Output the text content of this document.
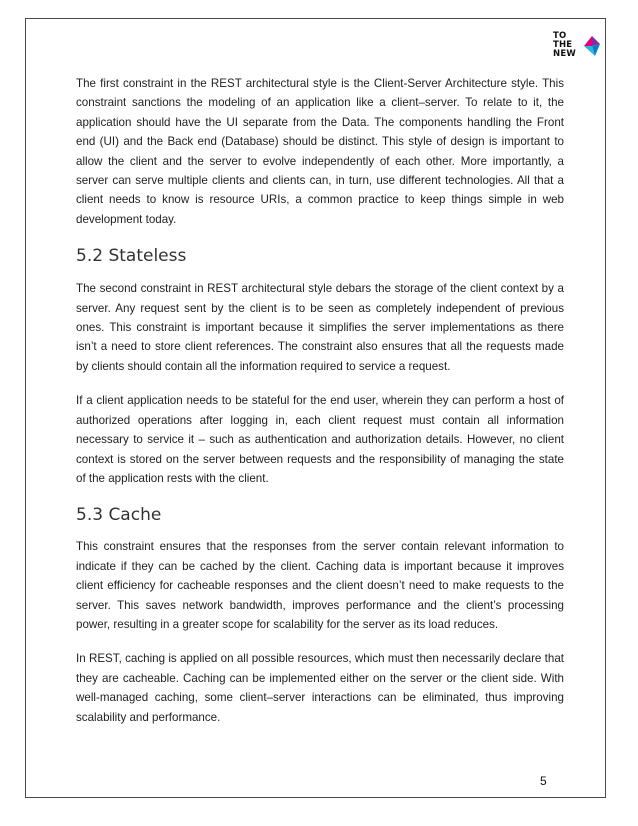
TO
THE
NEW

The first constraint in the REST architectural style is the Client-Server Architecture style. This constraint sanctions the modeling of an application like a client–server. To relate to it, the application should have the UI separate from the Data. The components handling the Front end (UI) and the Back end (Database) should be distinct. This style of design is important to allow the client and the server to evolve independently of each other. More importantly, a server can serve multiple clients and clients can, in turn, use different technologies. All that a client needs to know is resource URIs, a common practice to keep things simple in web development today.

5.2 Stateless

The second constraint in REST architectural style debars the storage of the client context by a server. Any request sent by the client is to be seen as completely independent of previous ones. This constraint is important because it simplifies the server implementations as there isn’t a need to store client references. The constraint also ensures that all the requests made by clients should contain all the information required to service a request.

If a client application needs to be stateful for the end user, wherein they can perform a host of authorized operations after logging in, each client request must contain all information necessary to service it – such as authentication and authorization details. However, no client context is stored on the server between requests and the responsibility of managing the state of the application rests with the client.

5.3 Cache

This constraint ensures that the responses from the server contain relevant information to indicate if they can be cached by the client. Caching data is important because it improves client efficiency for cacheable responses and the client doesn’t need to make requests to the server. This saves network bandwidth, improves performance and the client’s processing power, resulting in a greater scope for scalability for the server as its load reduces.

In REST, caching is applied on all possible resources, which must then necessarily declare that they are cacheable. Caching can be implemented either on the server or the client side. With well-managed caching, some client–server interactions can be eliminated, thus improving scalability and performance.

5
